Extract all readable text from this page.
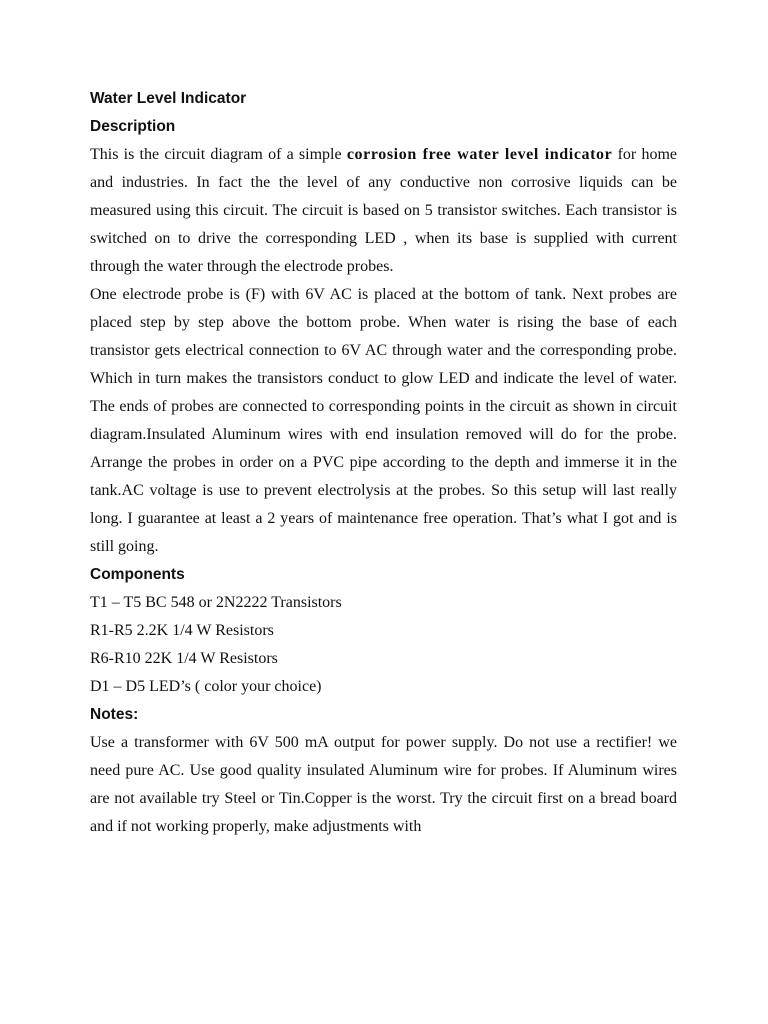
Water Level Indicator
Description

This is the circuit diagram of a simple corrosion free water level indicator for home and industries. In fact the the level of any conductive non corrosive liquids can be measured using this circuit. The circuit is based on 5 transistor switches. Each transistor is switched on to drive the corresponding LED , when its base is supplied with current through the water through the electrode probes.

One electrode probe is (F) with 6V AC is placed at the bottom of tank. Next probes are placed step by step above the bottom probe. When water is rising the base of each transistor gets electrical connection to 6V AC through water and the corresponding probe. Which in turn makes the transistors conduct to glow LED and indicate the level of water. The ends of probes are connected to corresponding points in the circuit as shown in circuit diagram.Insulated Aluminum wires with end insulation removed will do for the probe. Arrange the probes in order on a PVC pipe according to the depth and immerse it in the tank.AC voltage is use to prevent electrolysis at the probes. So this setup will last really long. I guarantee at least a 2 years of maintenance free operation. That’s what I got and is still going.

Components

T1 – T5 BC 548 or 2N2222 Transistors

R1-R5 2.2K 1/4 W Resistors

R6-R10 22K 1/4 W Resistors

D1 – D5 LED’s ( color your choice)

Notes:

Use a transformer with 6V 500 mA output for power supply. Do not use a rectifier! we need pure AC. Use good quality insulated Aluminum wire for probes. If Aluminum wires are not available try Steel or Tin.Copper is the worst. Try the circuit first on a bread board and if not working properly, make adjustments with
